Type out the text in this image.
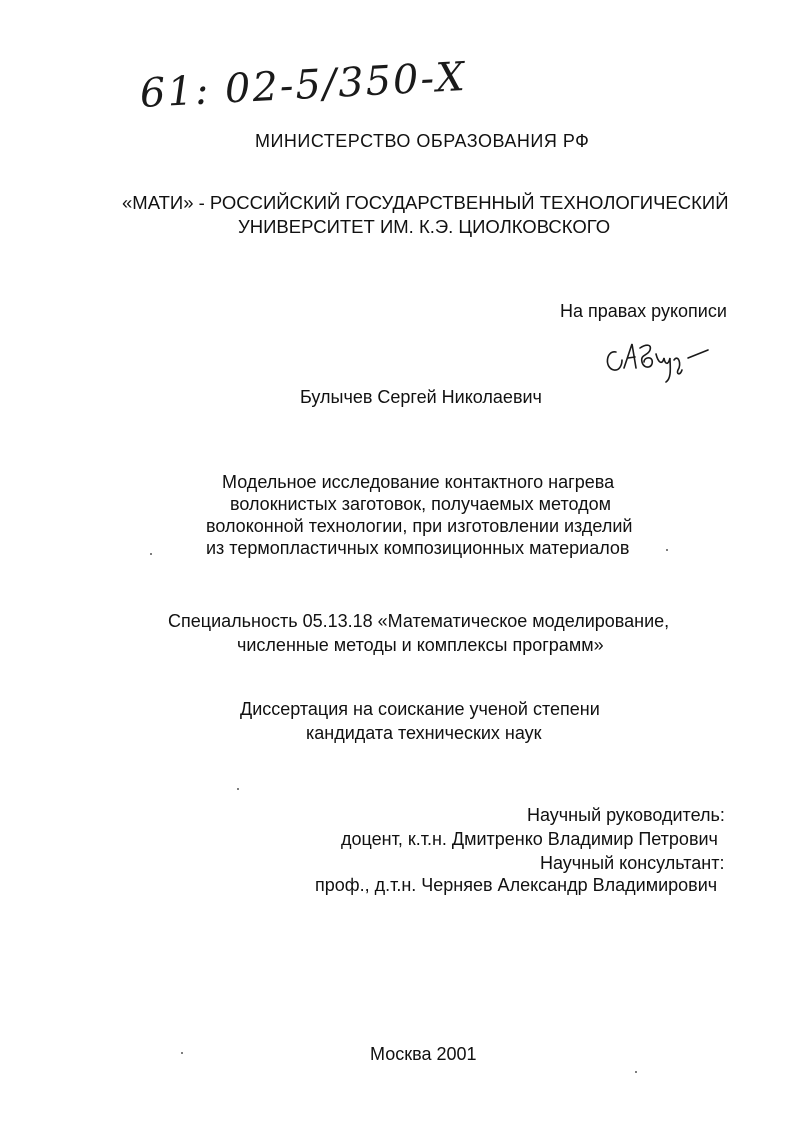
61: 02-5/350-Х
МИНИСТЕРСТВО ОБРАЗОВАНИЯ РФ
«МАТИ» - РОССИЙСКИЙ ГОСУДАРСТВЕННЫЙ ТЕХНОЛОГИЧЕСКИЙ
УНИВЕРСИТЕТ ИМ. К.Э. ЦИОЛКОВСКОГО
На правах рукописи
Булычев Сергей Николаевич
Модельное исследование контактного нагрева
волокнистых заготовок, получаемых методом
волоконной технологии, при изготовлении изделий
из термопластичных композиционных материалов
Специальность 05.13.18 «Математическое моделирование,
численные методы и комплексы программ»
Диссертация на соискание ученой степени
кандидата технических наук
Научный руководитель:
доцент, к.т.н. Дмитренко Владимир Петрович
Научный консультант:
проф., д.т.н. Черняев Александр Владимирович
Москва 2001
